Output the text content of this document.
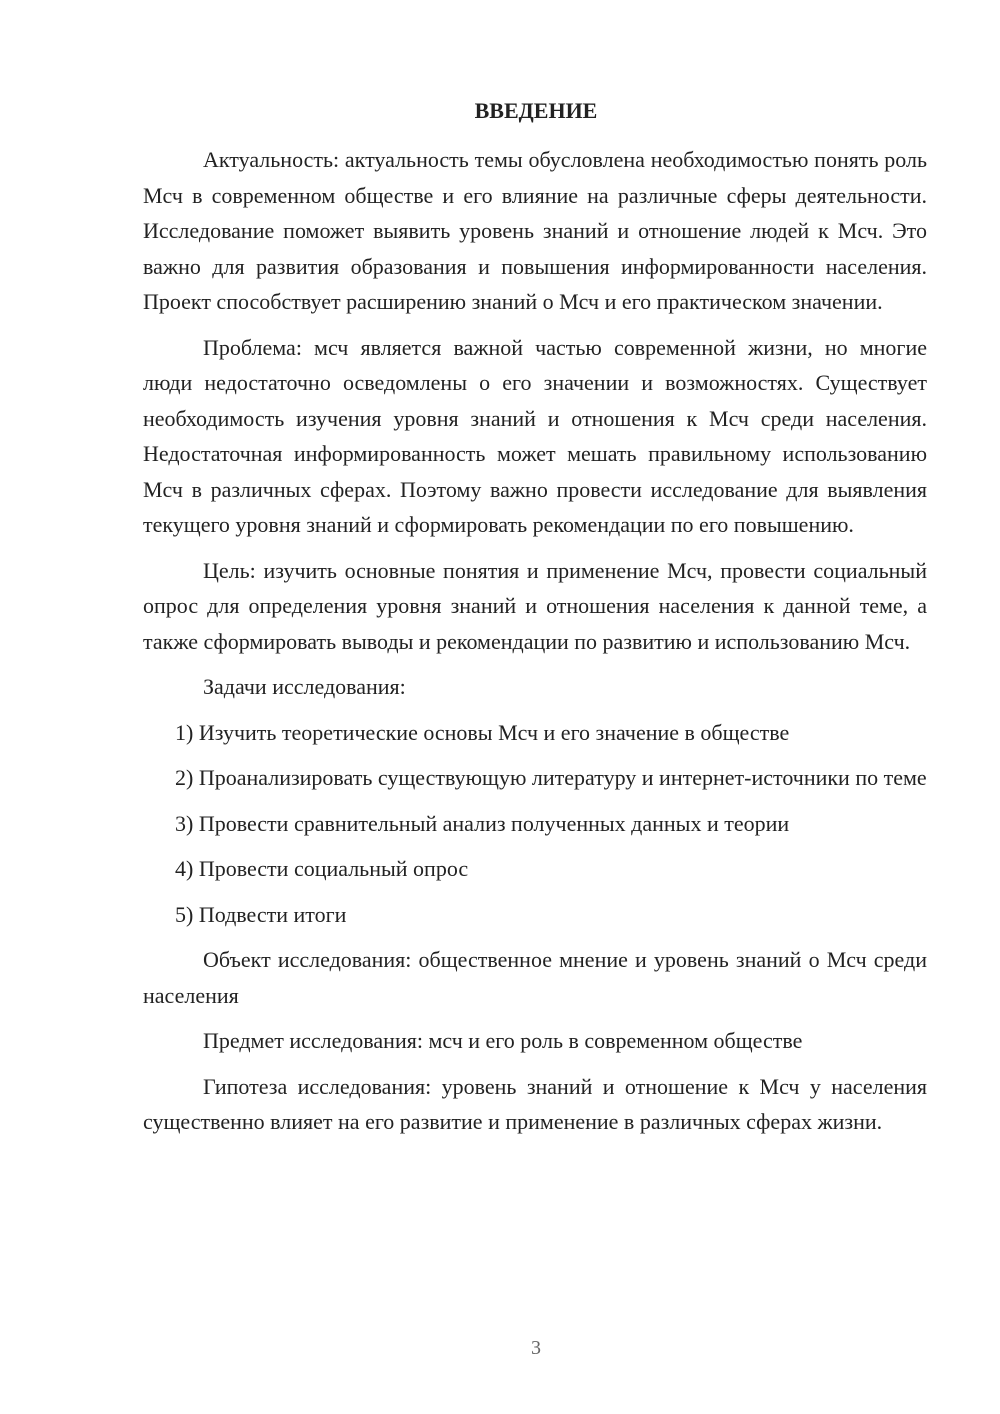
ВВЕДЕНИЕ

Актуальность: актуальность темы обусловлена необходимостью понять роль Мсч в современном обществе и его влияние на различные сферы деятельности. Исследование поможет выявить уровень знаний и отношение людей к Мсч. Это важно для развития образования и повышения информированности населения. Проект способствует расширению знаний о Мсч и его практическом значении.

Проблема: мсч является важной частью современной жизни, но многие люди недостаточно осведомлены о его значении и возможностях. Существует необходимость изучения уровня знаний и отношения к Мсч среди населения. Недостаточная информированность может мешать правильному использованию Мсч в различных сферах. Поэтому важно провести исследование для выявления текущего уровня знаний и сформировать рекомендации по его повышению.

Цель: изучить основные понятия и применение Мсч, провести социальный опрос для определения уровня знаний и отношения населения к данной теме, а также сформировать выводы и рекомендации по развитию и использованию Мсч.

Задачи исследования:

1) Изучить теоретические основы Мсч и его значение в обществе

2) Проанализировать существующую литературу и интернет-источники по теме

3) Провести сравнительный анализ полученных данных и теории

4) Провести социальный опрос

5) Подвести итоги

Объект исследования: общественное мнение и уровень знаний о Мсч среди населения

Предмет исследования: мсч и его роль в современном обществе

Гипотеза исследования: уровень знаний и отношение к Мсч у населения существенно влияет на его развитие и применение в различных сферах жизни.

3
